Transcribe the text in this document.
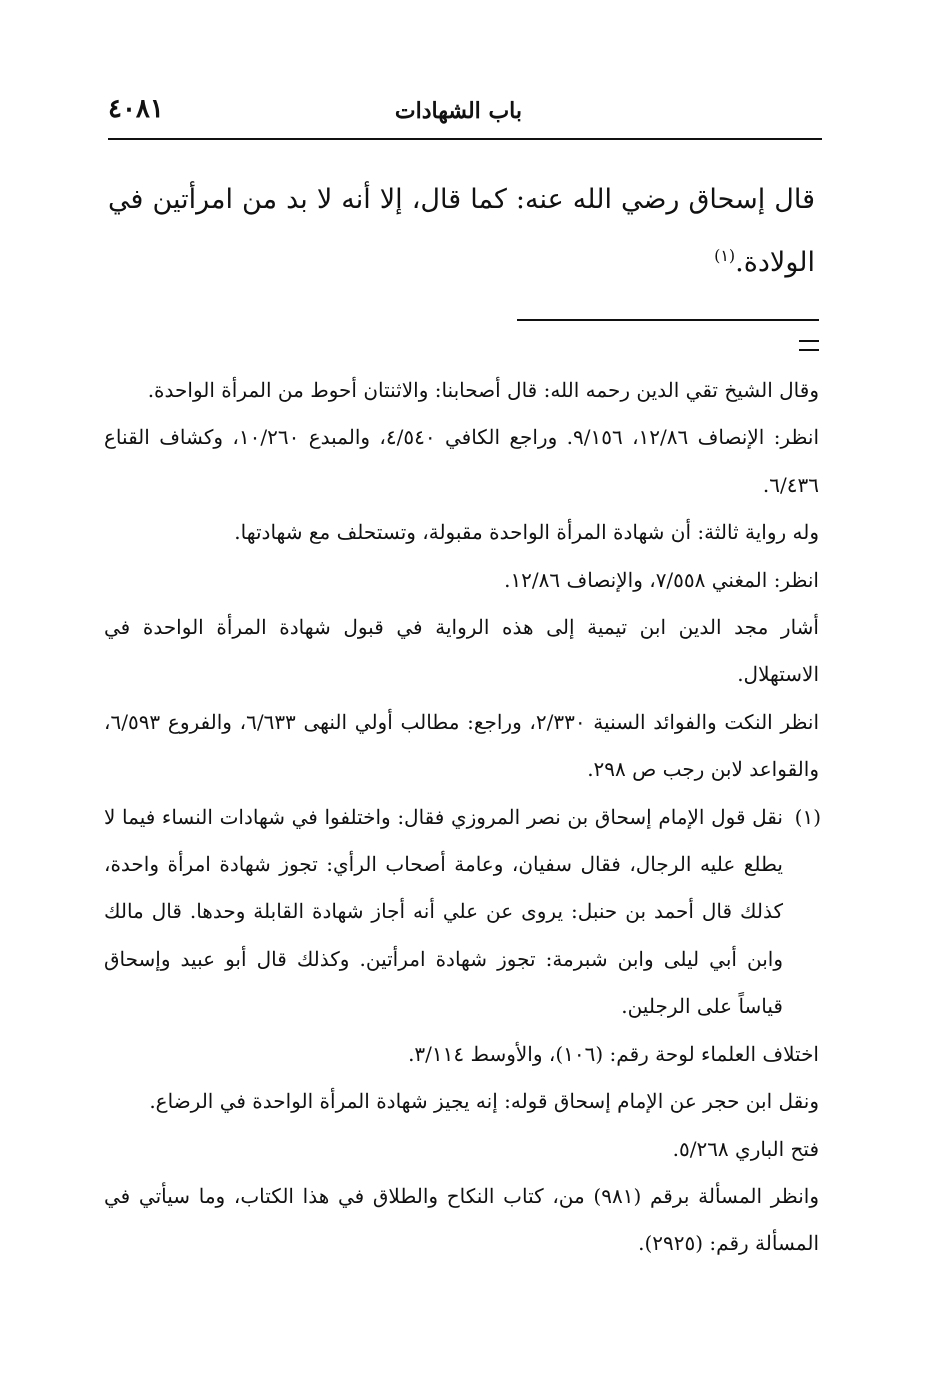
باب الشهادات
٤٠٨١
قال إسحاق رضي الله عنه: كما قال، إلا أنه لا بد من امرأتين في الولادة.$^{(١)}$

وقال الشيخ تقي الدين رحمه الله: قال أصحابنا: والاثنتان أحوط من المرأة الواحدة.

انظر: الإنصاف ١٢/٨٦، ٩/١٥٦. وراجع الكافي ٤/٥٤٠، والمبدع ١٠/٢٦٠، وكشاف القناع ٦/٤٣٦.

وله رواية ثالثة: أن شهادة المرأة الواحدة مقبولة، وتستحلف مع شهادتها.

انظر: المغني ٧/٥٥٨، والإنصاف ١٢/٨٦.

أشار مجد الدين ابن تيمية إلى هذه الرواية في قبول شهادة المرأة الواحدة في الاستهلال.

انظر النكت والفوائد السنية ٢/٣٣٠، وراجع: مطالب أولي النهى ٦/٦٣٣، والفروع ٦/٥٩٣، والقواعد لابن رجب ص ٢٩٨.

(١)

نقل قول الإمام إسحاق بن نصر المروزي فقال: واختلفوا في شهادات النساء فيما لا يطلع عليه الرجال، فقال سفيان، وعامة أصحاب الرأي: تجوز شهادة امرأة واحدة، كذلك قال أحمد بن حنبل: يروى عن علي أنه أجاز شهادة القابلة وحدها. قال مالك وابن أبي ليلى وابن شبرمة: تجوز شهادة امرأتين. وكذلك قال أبو عبيد وإسحاق قياساً على الرجلين.

اختلاف العلماء لوحة رقم: (١٠٦)، والأوسط ٣/١١٤.

ونقل ابن حجر عن الإمام إسحاق قوله: إنه يجيز شهادة المرأة الواحدة في الرضاع.

فتح الباري ٥/٢٦٨.

وانظر المسألة برقم (٩٨١) من، كتاب النكاح والطلاق في هذا الكتاب، وما سيأتي في المسألة رقم: (٢٩٢٥).
